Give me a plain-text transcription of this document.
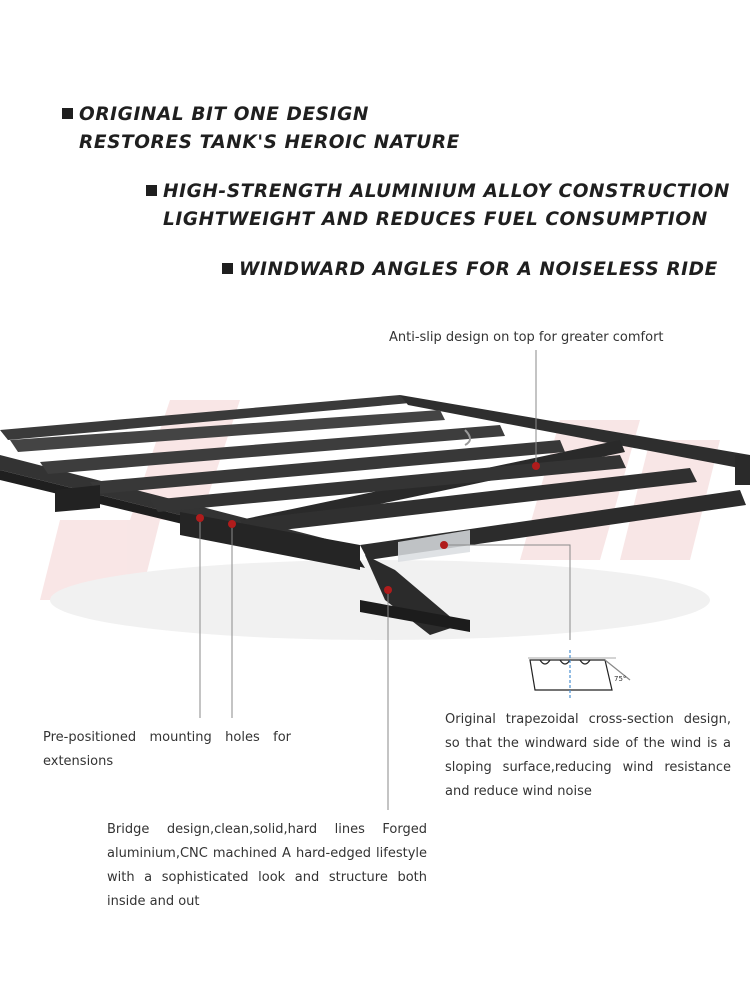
75°
ORIGINAL BIT ONE DESIGN
RESTORES TANK'S HEROIC NATURE
HIGH-STRENGTH ALUMINIUM ALLOY CONSTRUCTION
LIGHTWEIGHT AND REDUCES FUEL CONSUMPTION
WINDWARD ANGLES FOR A NOISELESS RIDE
Anti-slip design on top for greater comfort
Pre-positioned mounting holes for extensions
Original trapezoidal cross-section design, so that the windward side of the wind is a sloping surface,reducing wind resistance and reduce wind noise
Bridge design,clean,solid,hard lines Forged aluminium,CNC machined A hard-edged lifestyle with a sophisticated look and structure both inside and out
